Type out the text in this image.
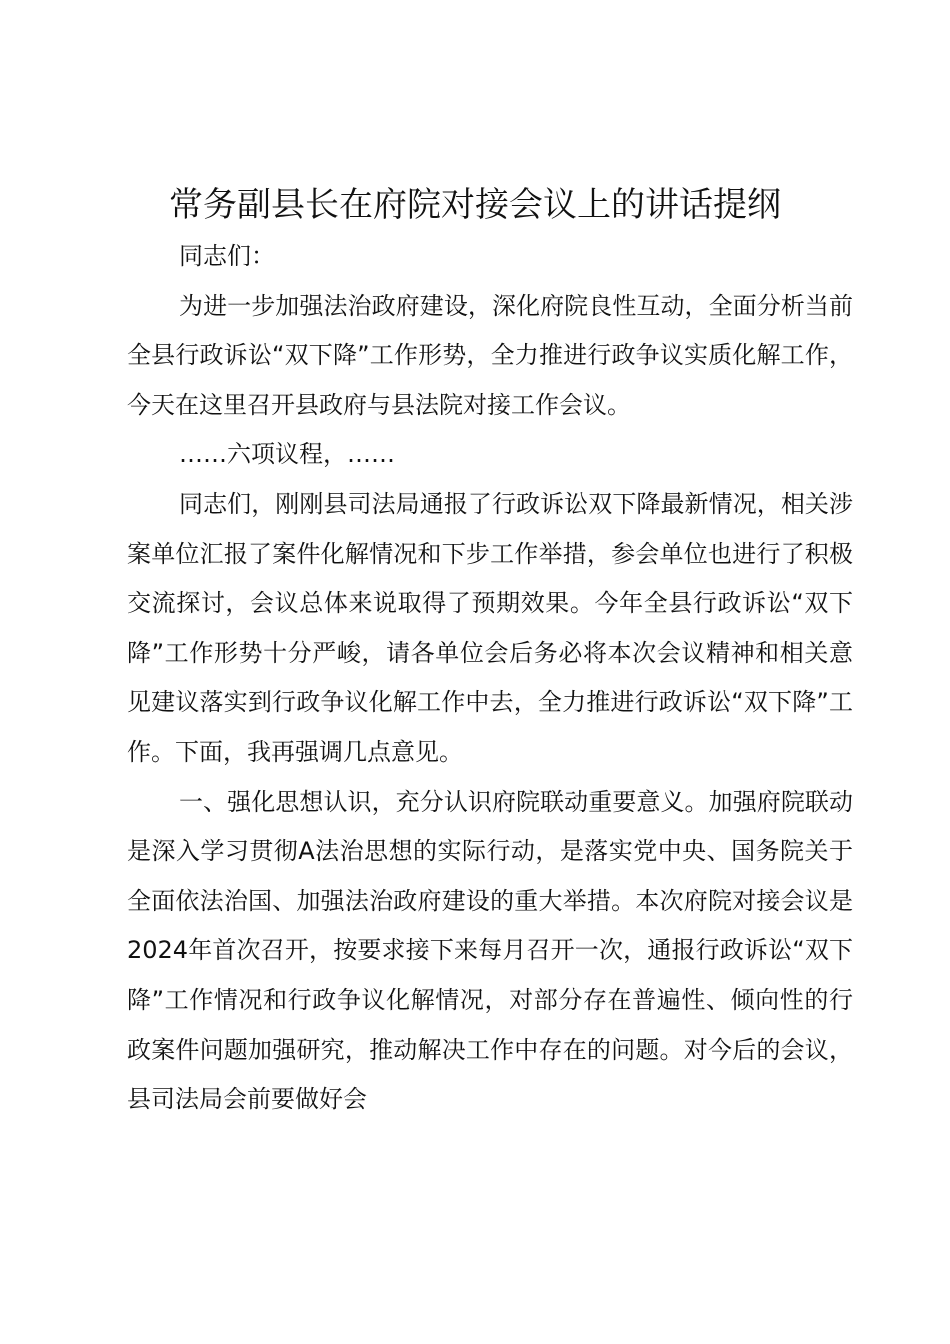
常务副县长在府院对接会议上的讲话提纲

同志们：

为进一步加强法治政府建设，深化府院良性互动，全面分析当前全县行政诉讼“双下降”工作形势，全力推进行政争议实质化解工作，今天在这里召开县政府与县法院对接工作会议。

……六项议程，……

同志们，刚刚县司法局通报了行政诉讼双下降最新情况，相关涉案单位汇报了案件化解情况和下步工作举措，参会单位也进行了积极交流探讨，会议总体来说取得了预期效果。今年全县行政诉讼“双下降”工作形势十分严峻，请各单位会后务必将本次会议精神和相关意见建议落实到行政争议化解工作中去，全力推进行政诉讼“双下降”工作。下面，我再强调几点意见。

一、强化思想认识，充分认识府院联动重要意义。加强府院联动是深入学习贯彻A法治思想的实际行动，是落实党中央、国务院关于全面依法治国、加强法治政府建设的重大举措。本次府院对接会议是2024年首次召开，按要求接下来每月召开一次，通报行政诉讼“双下降”工作情况和行政争议化解情况，对部分存在普遍性、倾向性的行政案件问题加强研究，推动解决工作中存在的问题。对今后的会议，县司法局会前要做好会
